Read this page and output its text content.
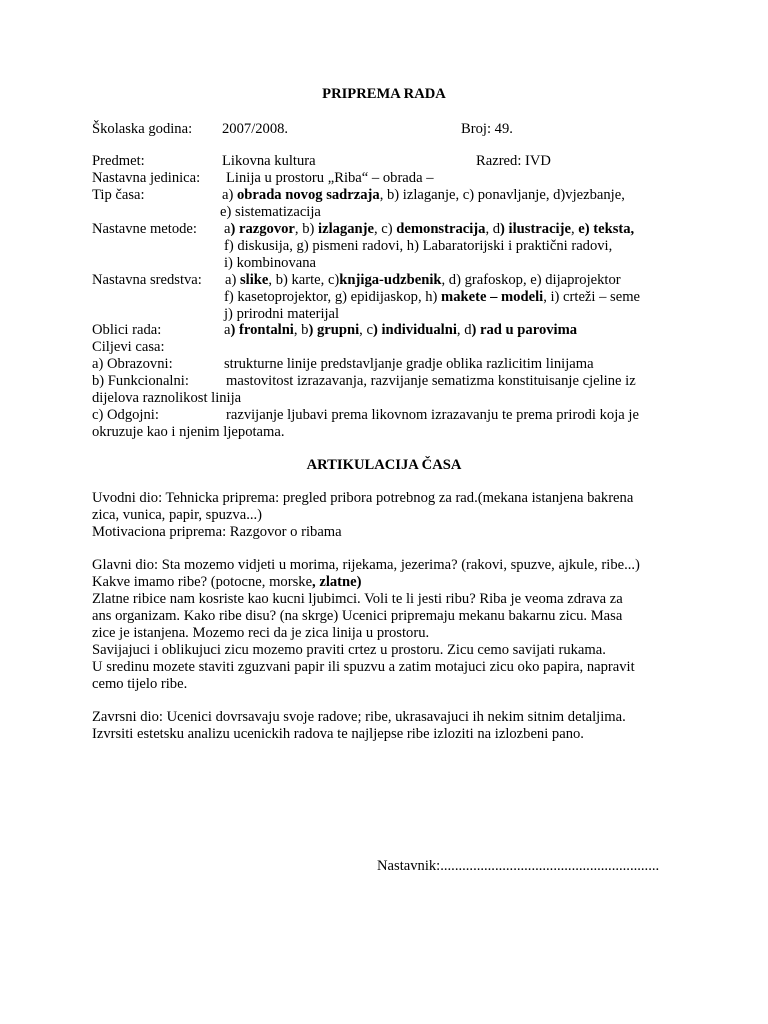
PRIPREMA RADA
Školaska godina: 2007/2008.	Broj: 49.
Predmet:	Likovna kultura	Razred: IVD
Nastavna jedinica: Linija u prostoru „Riba“ – obrada –
Tip časa:	a) obrada novog sadrzaja, b) izlaganje, c) ponavljanje, d)vjezbanje,
e) sistematizacija
Nastavne metode: a) razgovor, b) izlaganje, c) demonstracija, d) ilustracije, e) teksta,
f) diskusija, g) pismeni radovi, h) Labaratorijski i praktični radovi,
i) kombinovana
Nastavna sredstva: a) slike, b) karte, c)knjiga-udzbenik, d) grafoskop, e) dijaprojektor
f) kasetoprojektor, g) epidijaskop, h) makete – modeli, i) crteži – seme
j) prirodni materijal
Oblici rada:	a) frontalni, b) grupni, c) individualni, d) rad u parovima
Ciljevi casa:
a) Obrazovni:	strukturne linije predstavljanje gradje oblika razlicitim linijama
b) Funkcionalni:	mastovitost izrazavanja, razvijanje sematizma konstituisanje cjeline iz
dijelova raznolikost linija
c) Odgojni:	razvijanje ljubavi prema likovnom izrazavanju te prema prirodi koja je
okruzuje kao i njenim ljepotama.
ARTIKULACIJA ČASA
Uvodni dio: Tehnicka priprema: pregled pribora potrebnog za rad.(mekana istanjena bakrena
zica, vunica, papir, spuzva...)
Motivaciona priprema: Razgovor o ribama
Glavni dio: Sta mozemo vidjeti u morima, rijekama, jezerima? (rakovi, spuzve, ajkule, ribe...)
Kakve imamo ribe? (potocne, morske, zlatne)
Zlatne ribice nam kosriste kao kucni ljubimci. Voli te li jesti ribu? Riba je veoma zdrava za
ans organizam. Kako ribe disu? (na skrge) Ucenici pripremaju mekanu bakarnu zicu. Masa
zice je istanjena. Mozemo reci da je zica linija u prostoru.
Savijajuci i oblikujuci zicu mozemo praviti crtez u prostoru. Zicu cemo savijati rukama.
U sredinu mozete staviti zguzvani papir ili spuzvu a zatim motajuci zicu oko papira, napravit
cemo tijelo ribe.
Zavrsni dio: Ucenici dovrsavaju svoje radove; ribe, ukrasavajuci ih nekim sitnim detaljima.
Izvrsiti estetsku analizu ucenickih radova te najljepse ribe izloziti na izlozbeni pano.
Nastavnik:............................................................
